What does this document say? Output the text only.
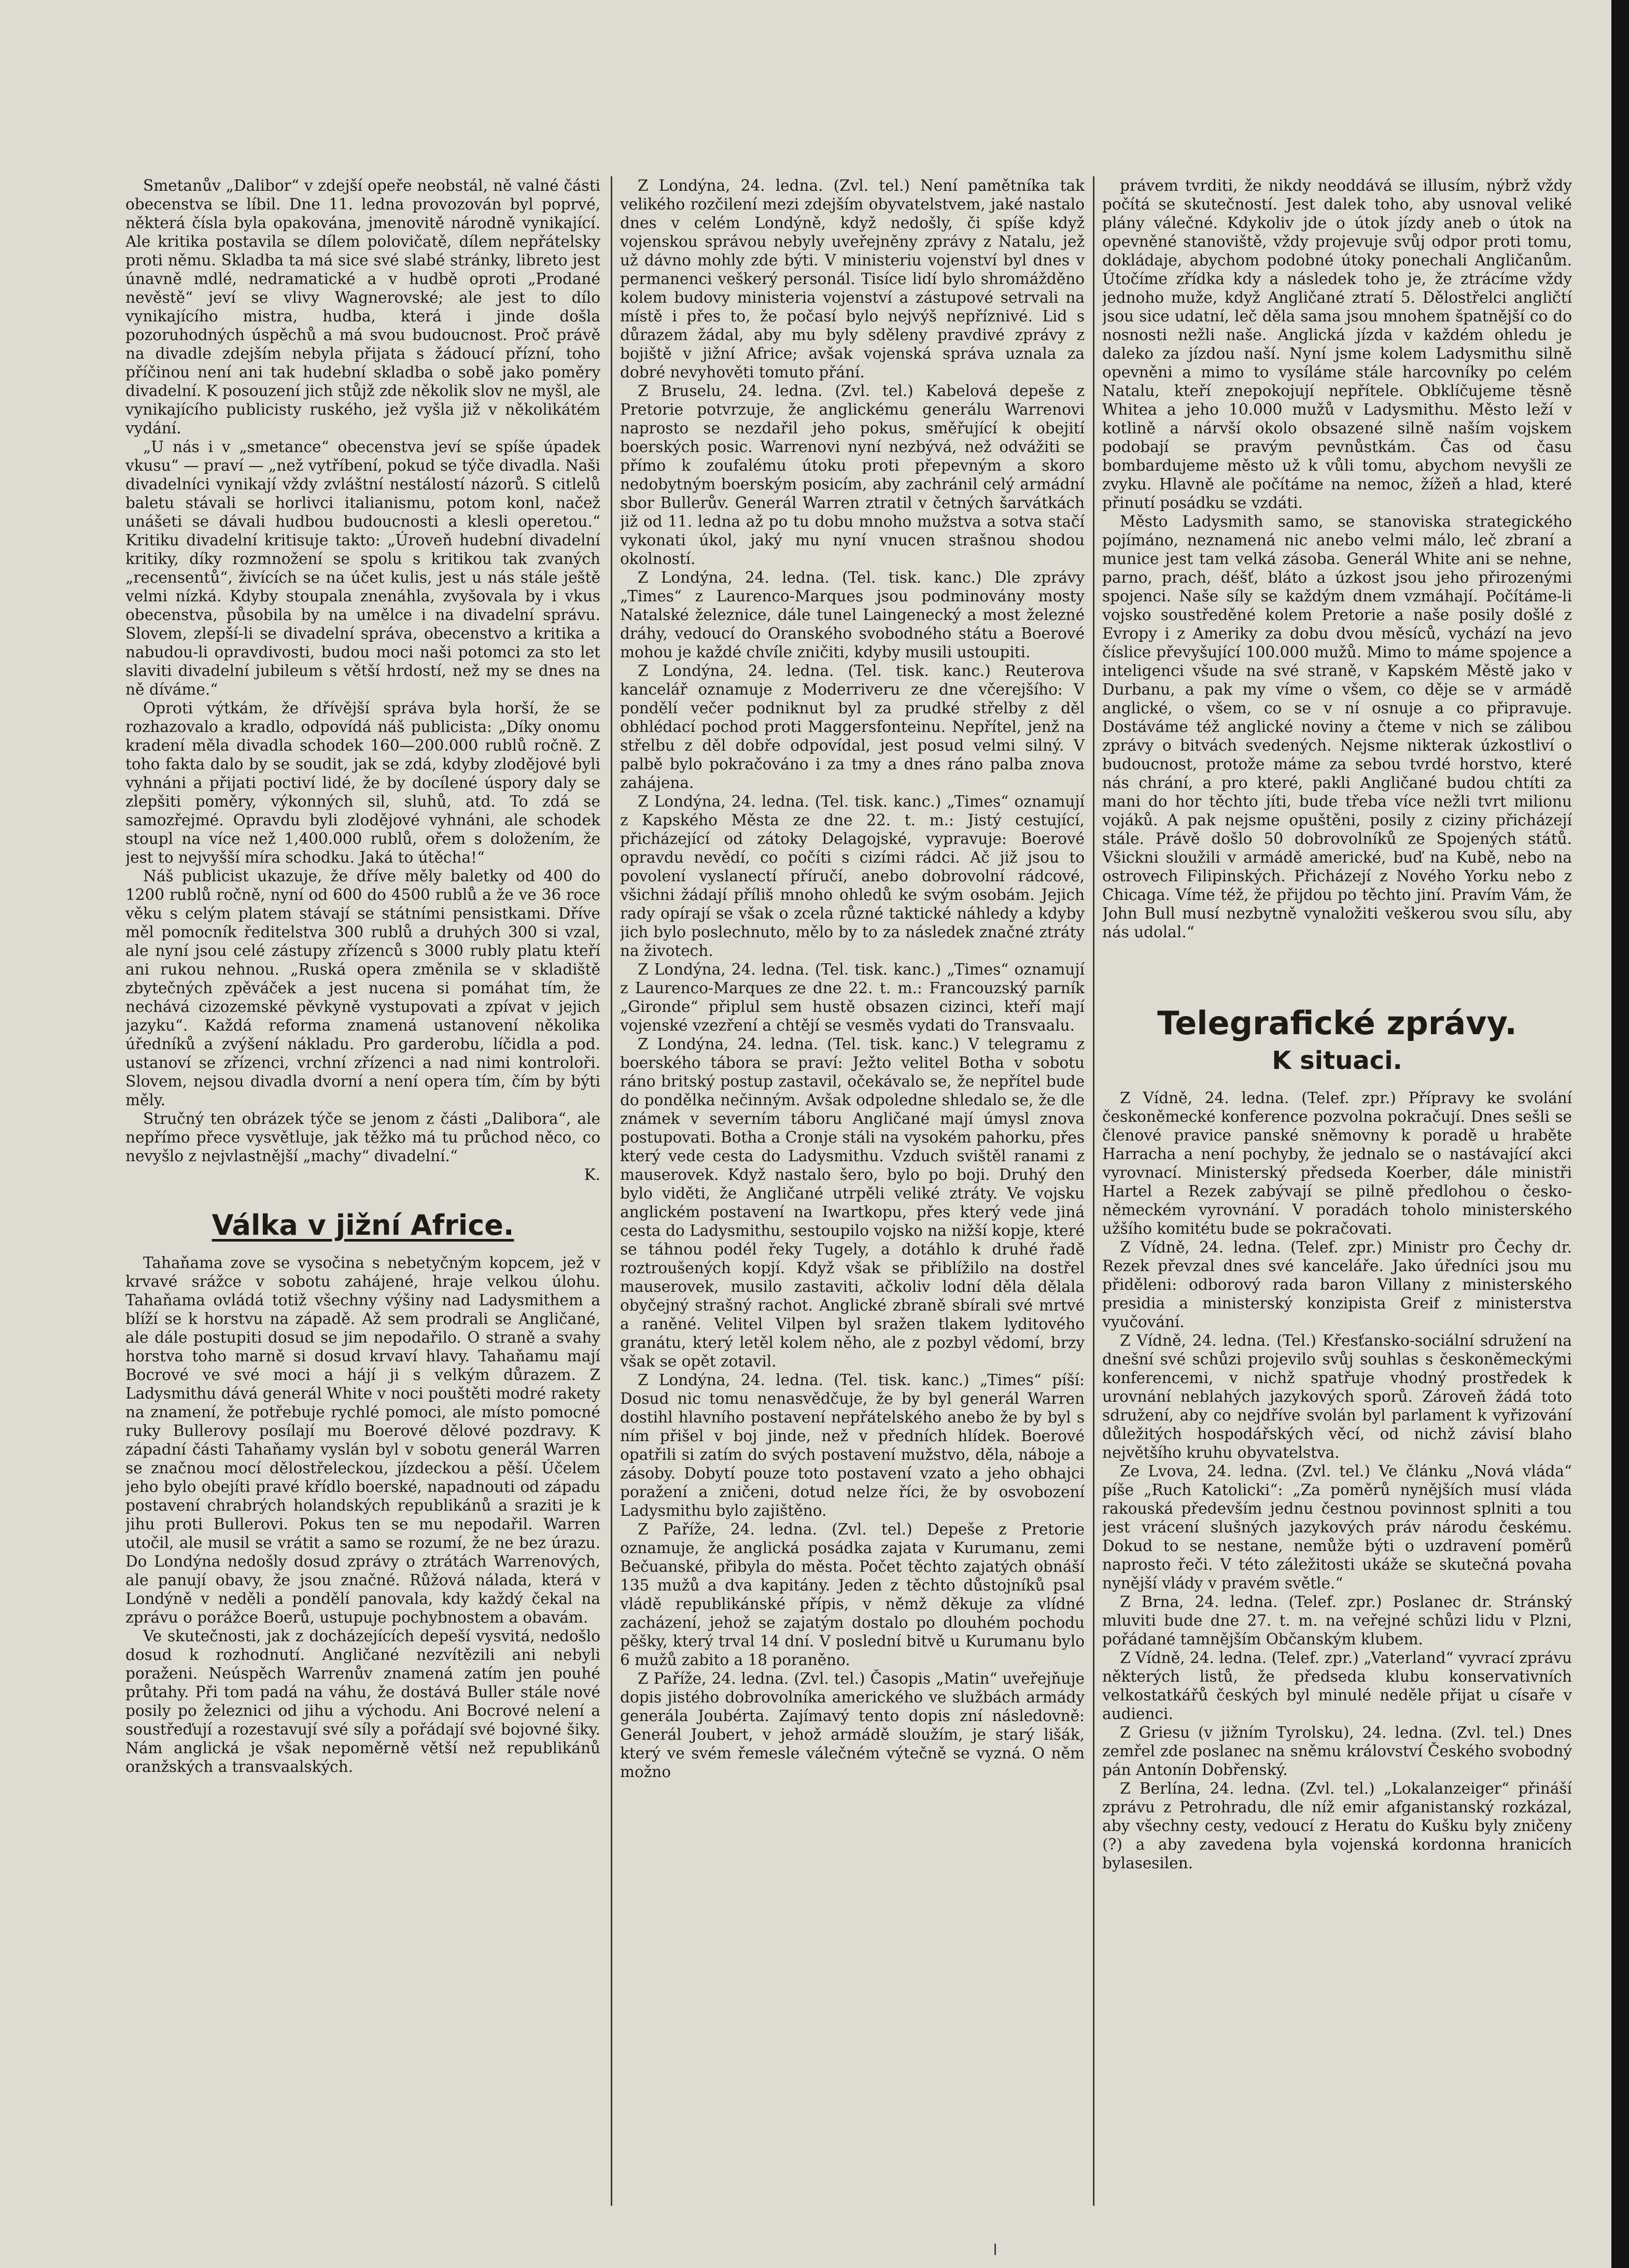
Smetanův „Dalibor“ v zdejší opeře neobstál, ně valné části obecenstva se líbil. Dne 11. ledna provozován byl poprvé, některá čísla byla opakována, jmenovitě národně vynikající. Ale kritika postavila se dílem polovičatě, dílem nepřátelsky proti němu. Skladba ta má sice své slabé stránky, libreto jest únavně mdlé, nedramatické a v hudbě oproti „Prodané nevěstě“ jeví se vlivy Wagnerovské; ale jest to dílo vynikajícího mistra, hudba, která i jinde došla pozoruhodných úspěchů a má svou budoucnost. Proč právě na divadle zdejším nebyla přijata s žádoucí přízní, toho příčinou není ani tak hudební skladba o sobě jako poměry divadelní. K posouzení jich stůjž zde několik slov ne myšl, ale vynikajícího publicisty ruského, jež vyšla již v několikátém vydání.

„U nás i v „smetance“ obecenstva jeví se spíše úpadek vkusu“ — praví — „než vytříbení, pokud se týče divadla. Naši divadelníci vynikají vždy zvláštní nestálostí názorů. S citlelů baletu stávali se horlivci italianismu, potom konl, načež unášeti se dávali hudbou budoucnosti a klesli operetou.“ Kritiku divadelní kritisuje takto: „Úroveň hudební divadelní kritiky, díky rozmnožení se spolu s kritikou tak zvaných „recensentů“, živících se na účet kulis, jest u nás stále ještě velmi nízká. Kdyby stoupala znenáhla, zvyšovala by i vkus obecenstva, působila by na umělce i na divadelní správu. Slovem, zlepší-li se divadelní správa, obecenstvo a kritika a nabudou-li opravdivosti, budou moci naši potomci za sto let slaviti divadelní jubileum s větší hrdostí, než my se dnes na ně díváme.“

Oproti výtkám, že dřívější správa byla horší, že se rozhazovalo a kradlo, odpovídá náš publicista: „Díky onomu kradení měla divadla schodek 160—200.000 rublů ročně. Z toho fakta dalo by se soudit, jak se zdá, kdyby zlodějové byli vyhnáni a přijati poctiví lidé, že by docílené úspory daly se zlepšiti poměry, výkonných sil, sluhů, atd. To zdá se samozřejmé. Opravdu byli zlodějové vyhnáni, ale schodek stoupl na více než 1,400.000 rublů, ořem s doložením, že jest to nejvyšší míra schodku. Jaká to útěcha!“

Náš publicist ukazuje, že dříve měly baletky od 400 do 1200 rublů ročně, nyní od 600 do 4500 rublů a že ve 36 roce věku s celým platem stávají se státními pensistkami. Dříve měl pomocník ředitelstva 300 rublů a druhých 300 si vzal, ale nyní jsou celé zástupy zřízenců s 3000 rubly platu kteří ani rukou nehnou. „Ruská opera změnila se v skladiště zbytečných zpěváček a jest nucena si pomáhat tím, že nechává cizozemské pěvkyně vystupovati a zpívat v jejich jazyku“. Každá reforma znamená ustanovení několika úředníků a zvýšení nákladu. Pro garderobu, líčidla a pod. ustanoví se zřízenci, vrchní zřízenci a nad nimi kontroloři. Slovem, nejsou divadla dvorní a není opera tím, čím by býti měly.

Stručný ten obrázek týče se jenom z části „Dalibora“, ale nepřímo přece vysvětluje, jak těžko má tu průchod něco, co nevyšlo z nejvlastnější „machy“ divadelní.“

K.

Válka v jižní Africe.

Tahaňama zove se vysočina s nebetyčným kopcem, jež v krvavé srážce v sobotu zahájené, hraje velkou úlohu. Tahaňama ovládá totiž všechny výšiny nad Ladysmithem a blíží se k horstvu na západě. Až sem prodrali se Angličané, ale dále postupiti dosud se jim nepodařilo. O straně a svahy horstva toho marně si dosud krvaví hlavy. Tahaňamu mají Bocrové ve své moci a hájí ji s velkým důrazem. Z Ladysmithu dává generál White v noci pouštěti modré rakety na znamení, že potřebuje rychlé pomoci, ale místo pomocné ruky Bullerovy posílají mu Boerové dělové pozdravy. K západní části Tahaňamy vyslán byl v sobotu generál Warren se značnou mocí dělostřeleckou, jízdeckou a pěší. Účelem jeho bylo obejíti pravé křídlo boerské, napadnouti od západu postavení chrabrých holandských republikánů a sraziti je k jihu proti Bullerovi. Pokus ten se mu nepodařil. Warren utočil, ale musil se vrátit a samo se rozumí, že ne bez úrazu. Do Londýna nedošly dosud zprávy o ztrátách Warrenových, ale panují obavy, že jsou značné. Růžová nálada, která v Londýně v neděli a pondělí panovala, kdy každý čekal na zprávu o porážce Boerů, ustupuje pochybnostem a obavám.

Ve skutečnosti, jak z docházejících depeší vysvitá, nedošlo dosud k rozhodnutí. Angličané nezvítězili ani nebyli poraženi. Neúspěch Warrenův znamená zatím jen pouhé průtahy. Při tom padá na váhu, že dostává Buller stále nové posily po železnici od jihu a východu. Ani Bocrové nelení a soustřeďují a rozestavují své síly a pořádají své bojovné šiky. Nám anglická je však nepoměrně větší než republikánů oranžských a transvaalských.

Z Londýna, 24. ledna. (Zvl. tel.) Není pamětníka tak velikého rozčilení mezi zdejším obyvatelstvem, jaké nastalo dnes v celém Londýně, když nedošly, či spíše když vojenskou správou nebyly uveřejněny zprávy z Natalu, jež už dávno mohly zde býti. V ministeriu vojenství byl dnes v permanenci veškerý personál. Tisíce lidí bylo shromážděno kolem budovy ministeria vojenství a zástupové setrvali na místě i přes to, že počasí bylo nejvýš nepříznivé. Lid s důrazem žádal, aby mu byly sděleny pravdivé zprávy z bojiště v jižní Africe; avšak vojenská správa uznala za dobré nevyhověti tomuto přání.

Z Bruselu, 24. ledna. (Zvl. tel.) Kabelová depeše z Pretorie potvrzuje, že anglickému generálu Warrenovi naprosto se nezdařil jeho pokus, směřující k obejití boerských posic. Warrenovi nyní nezbývá, než odvážiti se přímo k zoufalému útoku proti přepevným a skoro nedobytným boerským posicím, aby zachránil celý armádní sbor Bullerův. Generál Warren ztratil v četných šarvátkách již od 11. ledna až po tu dobu mnoho mužstva a sotva stačí vykonati úkol, jaký mu nyní vnucen strašnou shodou okolností.

Z Londýna, 24. ledna. (Tel. tisk. kanc.) Dle zprávy „Times“ z Laurenco-Marques jsou podminovány mosty Natalské železnice, dále tunel Laingenecký a most železné dráhy, vedoucí do Oranského svobodného státu a Boerové mohou je každé chvíle zničiti, kdyby musili ustoupiti.

Z Londýna, 24. ledna. (Tel. tisk. kanc.) Reuterova kancelář oznamuje z Moderriveru ze dne včerejšího: V pondělí večer podniknut byl za prudké střelby z děl obhlédací pochod proti Maggersfonteinu. Nepřítel, jenž na střelbu z děl dobře odpovídal, jest posud velmi silný. V palbě bylo pokračováno i za tmy a dnes ráno palba znova zahájena.

Z Londýna, 24. ledna. (Tel. tisk. kanc.) „Times“ oznamují z Kapského Města ze dne 22. t. m.: Jistý cestující, přicházející od zátoky Delagojské, vypravuje: Boerové opravdu nevědí, co počíti s cizími rádci. Ač již jsou to povolení vyslanectí příručí, anebo dobrovolní rádcové, všichni žádají příliš mnoho ohledů ke svým osobám. Jejich rady opírají se však o zcela různé taktické náhledy a kdyby jich bylo poslechnuto, mělo by to za následek značné ztráty na životech.

Z Londýna, 24. ledna. (Tel. tisk. kanc.) „Times“ oznamují z Laurenco-Marques ze dne 22. t. m.: Francouzský parník „Gironde“ připlul sem hustě obsazen cizinci, kteří mají vojenské vzezření a chtějí se vesměs vydati do Transvaalu.

Z Londýna, 24. ledna. (Tel. tisk. kanc.) V telegramu z boerského tábora se praví: Ježto velitel Botha v sobotu ráno britský postup zastavil, očekávalo se, že nepřítel bude do pondělka nečinným. Avšak odpoledne shledalo se, že dle známek v severním táboru Angličané mají úmysl znova postupovati. Botha a Cronje stáli na vysokém pahorku, přes který vede cesta do Ladysmithu. Vzduch svištěl ranami z mauserovek. Když nastalo šero, bylo po boji. Druhý den bylo viděti, že Angličané utrpěli veliké ztráty. Ve vojsku anglickém postavení na Iwartkopu, přes který vede jiná cesta do Ladysmithu, sestoupilo vojsko na nižší kopje, které se táhnou podél řeky Tugely, a dotáhlo k druhé řadě roztroušených kopjí. Když však se přiblížilo na dostřel mauserovek, musilo zastaviti, ačkoliv lodní děla dělala obyčejný strašný rachot. Anglické zbraně sbírali své mrtvé a raněné. Velitel Vilpen byl sražen tlakem lyditového granátu, který letěl kolem něho, ale z pozbyl vědomí, brzy však se opět zotavil.

Z Londýna, 24. ledna. (Tel. tisk. kanc.) „Times“ píší: Dosud nic tomu nenasvědčuje, že by byl generál Warren dostihl hlavního postavení nepřátelského anebo že by byl s ním přišel v boj jinde, než v předních hlídek. Boerové opatřili si zatím do svých postavení mužstvo, děla, náboje a zásoby. Dobytí pouze toto postavení vzato a jeho obhajci poražení a zničeni, dotud nelze říci, že by osvobození Ladysmithu bylo zajištěno.

Z Paříže, 24. ledna. (Zvl. tel.) Depeše z Pretorie oznamuje, že anglická posádka zajata v Kurumanu, zemi Bečuanské, přibyla do města. Počet těchto zajatých obnáší 135 mužů a dva kapitány. Jeden z těchto důstojníků psal vládě republikánské přípis, v němž děkuje za vlídné zacházení, jehož se zajatým dostalo po dlouhém pochodu pěšky, který trval 14 dní. V poslední bitvě u Kurumanu bylo 6 mužů zabito a 18 poraněno.

Z Paříže, 24. ledna. (Zvl. tel.) Časopis „Matin“ uveřejňuje dopis jistého dobrovolníka amerického ve službách armády generála Joubérta. Zajímavý tento dopis zní následovně: Generál Joubert, v jehož armádě sloužím, je starý lišák, který ve svém řemesle válečném výtečně se vyzná. O něm možno

právem tvrditi, že nikdy neoddává se illusím, nýbrž vždy počítá se skutečností. Jest dalek toho, aby usnoval veliké plány válečné. Kdykoliv jde o útok jízdy aneb o útok na opevněné stanoviště, vždy projevuje svůj odpor proti tomu, dokládaje, abychom podobné útoky ponechali Angličanům. Útočíme zřídka kdy a následek toho je, že ztrácíme vždy jednoho muže, když Angličané ztratí 5. Dělostřelci angličtí jsou sice udatní, leč děla sama jsou mnohem špatnější co do nosnosti nežli naše. Anglická jízda v každém ohledu je daleko za jízdou naší. Nyní jsme kolem Ladysmithu silně opevněni a mimo to vysíláme stále harcovníky po celém Natalu, kteří znepokojují nepřítele. Obklíčujeme těsně Whitea a jeho 10.000 mužů v Ladysmithu. Město leží v kotlině a nárvší okolo obsazené silně naším vojskem podobají se pravým pevnůstkám. Čas od času bombardujeme město už k vůli tomu, abychom nevyšli ze zvyku. Hlavně ale počítáme na nemoc, žížeň a hlad, které přinutí posádku se vzdáti.

Město Ladysmith samo, se stanoviska strategického pojímáno, neznamená nic anebo velmi málo, leč zbraní a munice jest tam velká zásoba. Generál White ani se nehne, parno, prach, déšť, bláto a úzkost jsou jeho přirozenými spojenci. Naše síly se každým dnem vzmáhají. Počítáme-li vojsko soustředěné kolem Pretorie a naše posily došlé z Evropy i z Ameriky za dobu dvou měsíců, vychází na jevo číslice převyšující 100.000 mužů. Mimo to máme spojence a inteligenci všude na své straně, v Kapském Městě jako v Durbanu, a pak my víme o všem, co děje se v armádě anglické, o všem, co se v ní osnuje a co připravuje. Dostáváme též anglické noviny a čteme v nich se zálibou zprávy o bitvách svedených. Nejsme nikterak úzkostliví o budoucnost, protože máme za sebou tvrdé horstvo, které nás chrání, a pro které, pakli Angličané budou chtíti za mani do hor těchto jíti, bude třeba více nežli tvrt milionu vojáků. A pak nejsme opuštěni, posily z ciziny přicházejí stále. Právě došlo 50 dobrovolníků ze Spojených států. Všickni sloužili v armádě americké, buď na Kubě, nebo na ostrovech Filipinských. Přicházejí z Nového Yorku nebo z Chicaga. Víme též, že přijdou po těchto jiní. Pravím Vám, že John Bull musí nezbytně vynaložiti veškerou svou sílu, aby nás udolal.“

Telegrafické zprávy.
K situaci.

Z Vídně, 24. ledna. (Telef. zpr.) Přípravy ke svolání českoněmecké konference pozvolna pokračují. Dnes sešli se členové pravice panské sněmovny k poradě u hraběte Harracha a není pochyby, že jednalo se o nastávající akci vyrovnací. Ministerský předseda Koerber, dále ministři Hartel a Rezek zabývají se pilně předlohou o česko-německém vyrovnání. V poradách toholo ministerského užšího komitétu bude se pokračovati.

Z Vídně, 24. ledna. (Telef. zpr.) Ministr pro Čechy dr. Rezek převzal dnes své kanceláře. Jako úředníci jsou mu přiděleni: odborový rada baron Villany z ministerského presidia a ministerský konzipista Greif z ministerstva vyučování.

Z Vídně, 24. ledna. (Tel.) Křesťansko-sociální sdružení na dnešní své schůzi projevilo svůj souhlas s českoněmeckými konferencemi, v nichž spatřuje vhodný prostředek k urovnání neblahých jazykových sporů. Zároveň žádá toto sdružení, aby co nejdříve svolán byl parlament k vyřizování důležitých hospodářských věcí, od nichž závisí blaho největšího kruhu obyvatelstva.

Ze Lvova, 24. ledna. (Zvl. tel.) Ve článku „Nová vláda“ píše „Ruch Katolicki“: „Za poměrů nynějších musí vláda rakouská především jednu čestnou povinnost splniti a tou jest vrácení slušných jazykových práv národu českému. Dokud to se nestane, nemůže býti o uzdravení poměrů naprosto řeči. V této záležitosti ukáže se skutečná povaha nynější vlády v pravém světle.“

Z Brna, 24. ledna. (Telef. zpr.) Poslanec dr. Stránský mluviti bude dne 27. t. m. na veřejné schůzi lidu v Plzni, pořádané tamnějším Občanským klubem.

Z Vídně, 24. ledna. (Telef. zpr.) „Vaterland“ vyvrací zprávu některých listů, že předseda klubu konservativních velkostatkářů českých byl minulé neděle přijat u císaře v audienci.

Z Griesu (v jižním Tyrolsku), 24. ledna. (Zvl. tel.) Dnes zemřel zde poslanec na sněmu království Českého svobodný pán Antonín Dobřenský.

Z Berlína, 24. ledna. (Zvl. tel.) „Lokalanzeiger“ přináší zprávu z Petrohradu, dle níž emir afganistanský rozkázal, aby všechny cesty, vedoucí z Heratu do Kušku byly zničeny (?) a aby zavedena byla vojenská kordonna hranicích bylasesilen.
